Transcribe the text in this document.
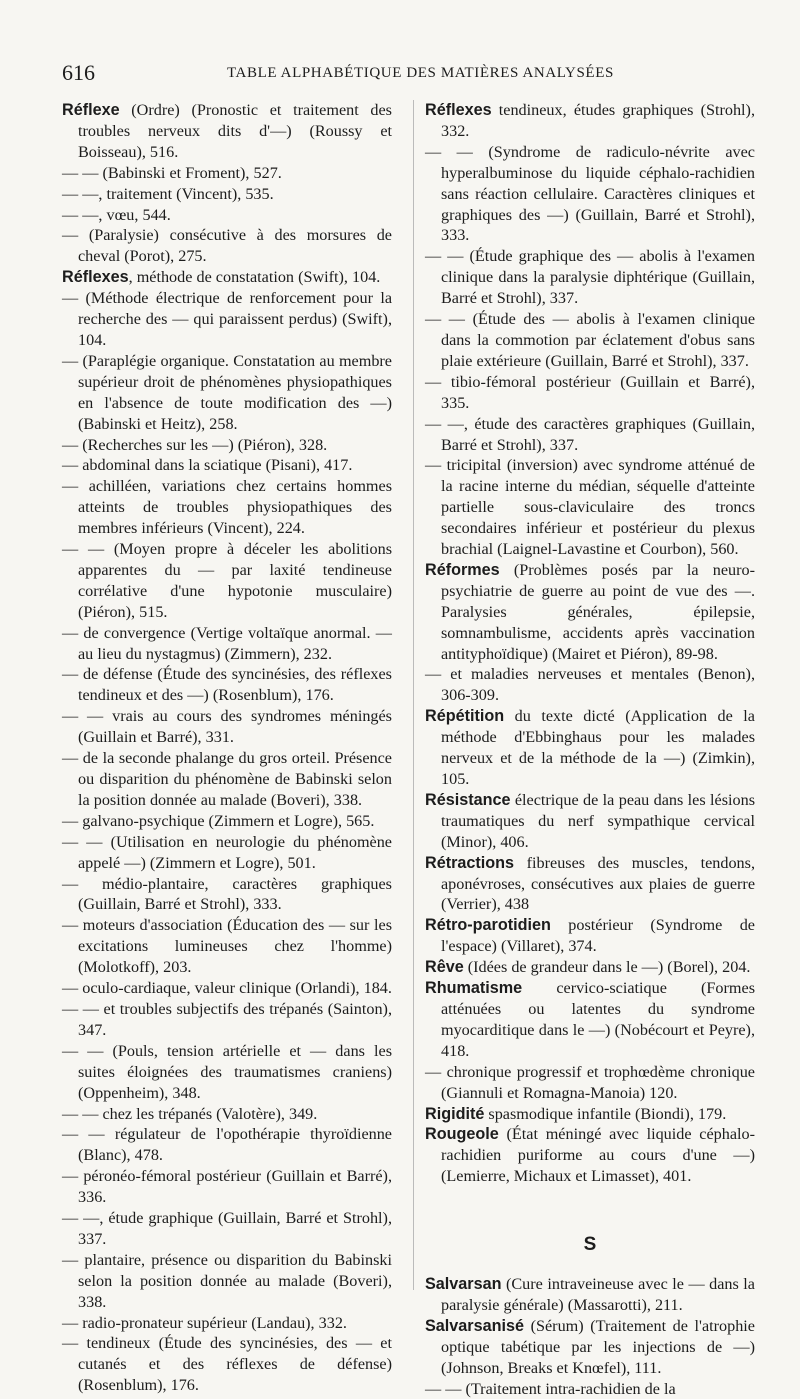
616	TABLE ALPHABÉTIQUE DES MATIÈRES ANALYSÉES

Réflexe (Ordre) (Pronostic et traitement des troubles nerveux dits d'—) (Roussy et Boisseau), 516.

— — (Babinski et Froment), 527.

— —, traitement (Vincent), 535.

— —, vœu, 544.

— (Paralysie) consécutive à des morsures de cheval (Porot), 275.

Réflexes, méthode de constatation (Swift), 104.

— (Méthode électrique de renforcement pour la recherche des — qui paraissent perdus) (Swift), 104.

— (Paraplégie organique. Constatation au membre supérieur droit de phénomènes physiopathiques en l'absence de toute modification des —) (Babinski et Heitz), 258.

— (Recherches sur les —) (Piéron), 328.

— abdominal dans la sciatique (Pisani), 417.

— achilléen, variations chez certains hommes atteints de troubles physiopathiques des membres inférieurs (Vincent), 224.

— — (Moyen propre à déceler les abolitions apparentes du — par laxité tendineuse corrélative d'une hypotonie musculaire) (Piéron), 515.

— de convergence (Vertige voltaïque anormal. — au lieu du nystagmus) (Zimmern), 232.

— de défense (Étude des syncinésies, des réflexes tendineux et des —) (Rosenblum), 176.

— — vrais au cours des syndromes méningés (Guillain et Barré), 331.

— de la seconde phalange du gros orteil. Présence ou disparition du phénomène de Babinski selon la position donnée au malade (Boveri), 338.

— galvano-psychique (Zimmern et Logre), 565.

— — (Utilisation en neurologie du phénomène appelé —) (Zimmern et Logre), 501.

— médio-plantaire, caractères graphiques (Guillain, Barré et Strohl), 333.

— moteurs d'association (Éducation des — sur les excitations lumineuses chez l'homme) (Molotkoff), 203.

— oculo-cardiaque, valeur clinique (Orlandi), 184.

— — et troubles subjectifs des trépanés (Sainton), 347.

— — (Pouls, tension artérielle et — dans les suites éloignées des traumatismes craniens) (Oppenheim), 348.

— — chez les trépanés (Valotère), 349.

— — régulateur de l'opothérapie thyroïdienne (Blanc), 478.

— péronéo-fémoral postérieur (Guillain et Barré), 336.

— —, étude graphique (Guillain, Barré et Strohl), 337.

— plantaire, présence ou disparition du Babinski selon la position donnée au malade (Boveri), 338.

— radio-pronateur supérieur (Landau), 332.

— tendineux (Étude des syncinésies, des — et cutanés et des réflexes de défense) (Rosenblum), 176.

Réflexes tendineux, études graphiques (Strohl), 332.

— — (Syndrome de radiculo-névrite avec hyperalbuminose du liquide céphalo-rachidien sans réaction cellulaire. Caractères cliniques et graphiques des —) (Guillain, Barré et Strohl), 333.

— — (Étude graphique des — abolis à l'examen clinique dans la paralysie diphtérique (Guillain, Barré et Strohl), 337.

— — (Étude des — abolis à l'examen clinique dans la commotion par éclatement d'obus sans plaie extérieure (Guillain, Barré et Strohl), 337.

— tibio-fémoral postérieur (Guillain et Barré), 335.

— —, étude des caractères graphiques (Guillain, Barré et Strohl), 337.

— tricipital (inversion) avec syndrome atténué de la racine interne du médian, séquelle d'atteinte partielle sous-claviculaire des troncs secondaires inférieur et postérieur du plexus brachial (Laignel-Lavastine et Courbon), 560.

Réformes (Problèmes posés par la neuro-psychiatrie de guerre au point de vue des —. Paralysies générales, épilepsie, somnambulisme, accidents après vaccination antityphoïdique) (Mairet et Piéron), 89-98.

— et maladies nerveuses et mentales (Benon), 306-309.

Répétition du texte dicté (Application de la méthode d'Ebbinghaus pour les malades nerveux et de la méthode de la —) (Zimkin), 105.

Résistance électrique de la peau dans les lésions traumatiques du nerf sympathique cervical (Minor), 406.

Rétractions fibreuses des muscles, tendons, aponévroses, consécutives aux plaies de guerre (Verrier), 438

Rétro-parotidien postérieur (Syndrome de l'espace) (Villaret), 374.

Rêve (Idées de grandeur dans le —) (Borel), 204.

Rhumatisme cervico-sciatique (Formes atténuées ou latentes du syndrome myocarditique dans le —) (Nobécourt et Peyre), 418.

— chronique progressif et trophœdème chronique (Giannuli et Romagna-Manoia) 120.

Rigidité spasmodique infantile (Biondi), 179.

Rougeole (État méningé avec liquide céphalo-rachidien puriforme au cours d'une —) (Lemierre, Michaux et Limasset), 401.

S

Salvarsan (Cure intraveineuse avec le — dans la paralysie générale) (Massarotti), 211.

Salvarsanisé (Sérum) (Traitement de l'atrophie optique tabétique par les injections de —) (Johnson, Breaks et Knœfel), 111.

— — (Traitement intra-rachidien de la
